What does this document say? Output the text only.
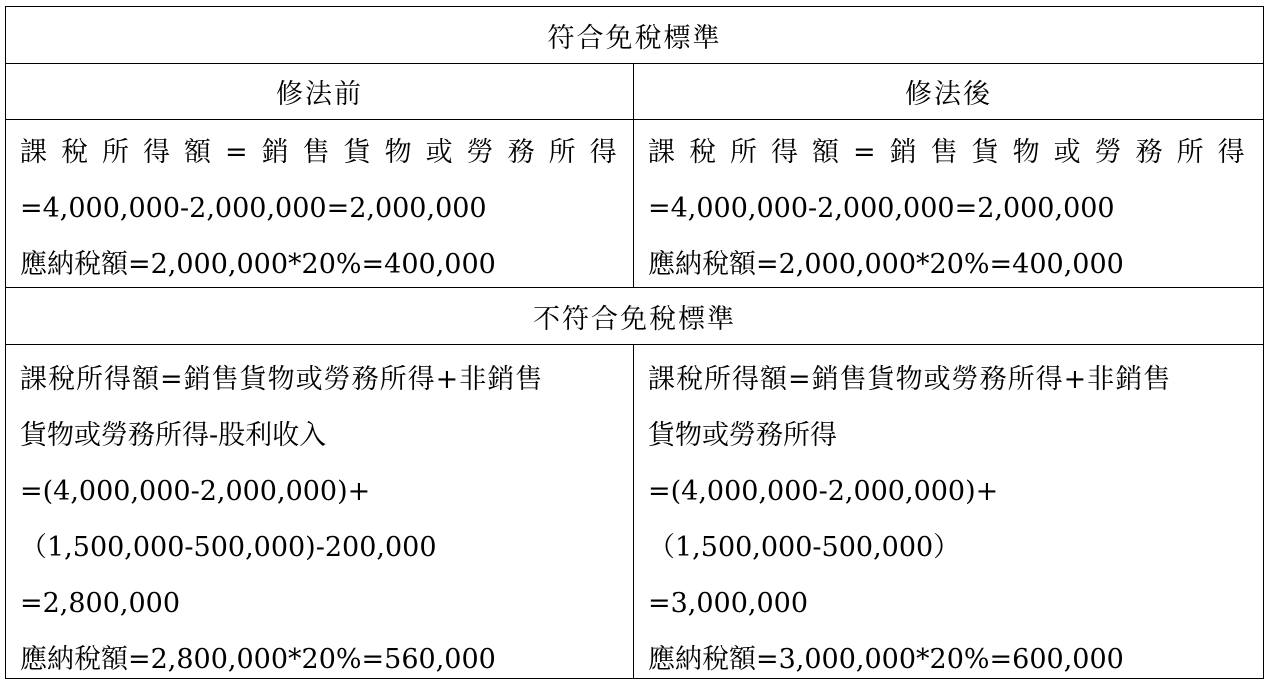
符合免稅標準
修法前	修法後
課稅所得額=銷售貨物或勞務所得
=4,000,000-2,000,000=2,000,000
應納稅額=2,000,000*20%=400,000
課稅所得額=銷售貨物或勞務所得
=4,000,000-2,000,000=2,000,000
應納稅額=2,000,000*20%=400,000
不符合免稅標準
課稅所得額=銷售貨物或勞務所得+非銷售
貨物或勞務所得-股利收入
=(4,000,000-2,000,000)+
（1,500,000-500,000)-200,000
=2,800,000
應納稅額=2,800,000*20%=560,000
課稅所得額=銷售貨物或勞務所得+非銷售
貨物或勞務所得
=(4,000,000-2,000,000)+
（1,500,000-500,000）
=3,000,000
應納稅額=3,000,000*20%=600,000
